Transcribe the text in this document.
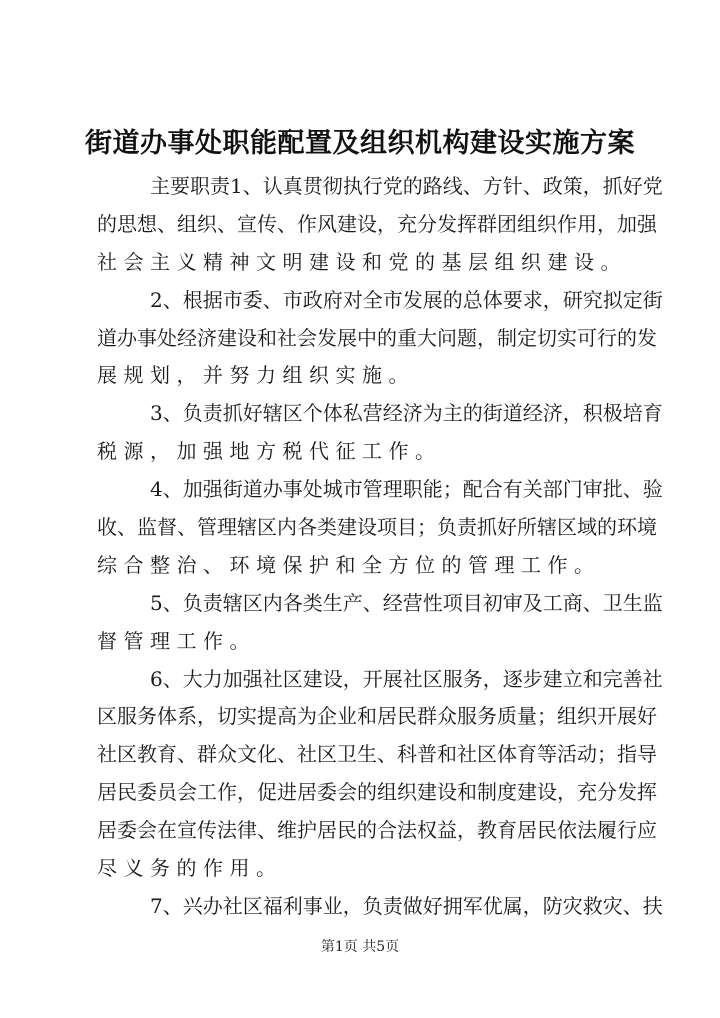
街道办事处职能配置及组织机构建设实施方案
主要职责1、认真贯彻执行党的路线、方针、政策，抓好党
的思想、组织、宣传、作风建设，充分发挥群团组织作用，加强
社会主义精神文明建设和党的基层组织建设。
2、根据市委、市政府对全市发展的总体要求，研究拟定街
道办事处经济建设和社会发展中的重大问题，制定切实可行的发
展规划，并努力组织实施。
3、负责抓好辖区个体私营经济为主的街道经济，积极培育
税源，加强地方税代征工作。
4、加强街道办事处城市管理职能；配合有关部门审批、验
收、监督、管理辖区内各类建设项目；负责抓好所辖区域的环境
综合整治、环境保护和全方位的管理工作。
5、负责辖区内各类生产、经营性项目初审及工商、卫生监
督管理工作。
6、大力加强社区建设，开展社区服务，逐步建立和完善社
区服务体系，切实提高为企业和居民群众服务质量；组织开展好
社区教育、群众文化、社区卫生、科普和社区体育等活动；指导
居民委员会工作，促进居委会的组织建设和制度建设，充分发挥
居委会在宣传法律、维护居民的合法权益，教育居民依法履行应
尽义务的作用。
7、兴办社区福利事业，负责做好拥军优属，防灾救灾、扶
第1页 共5页
